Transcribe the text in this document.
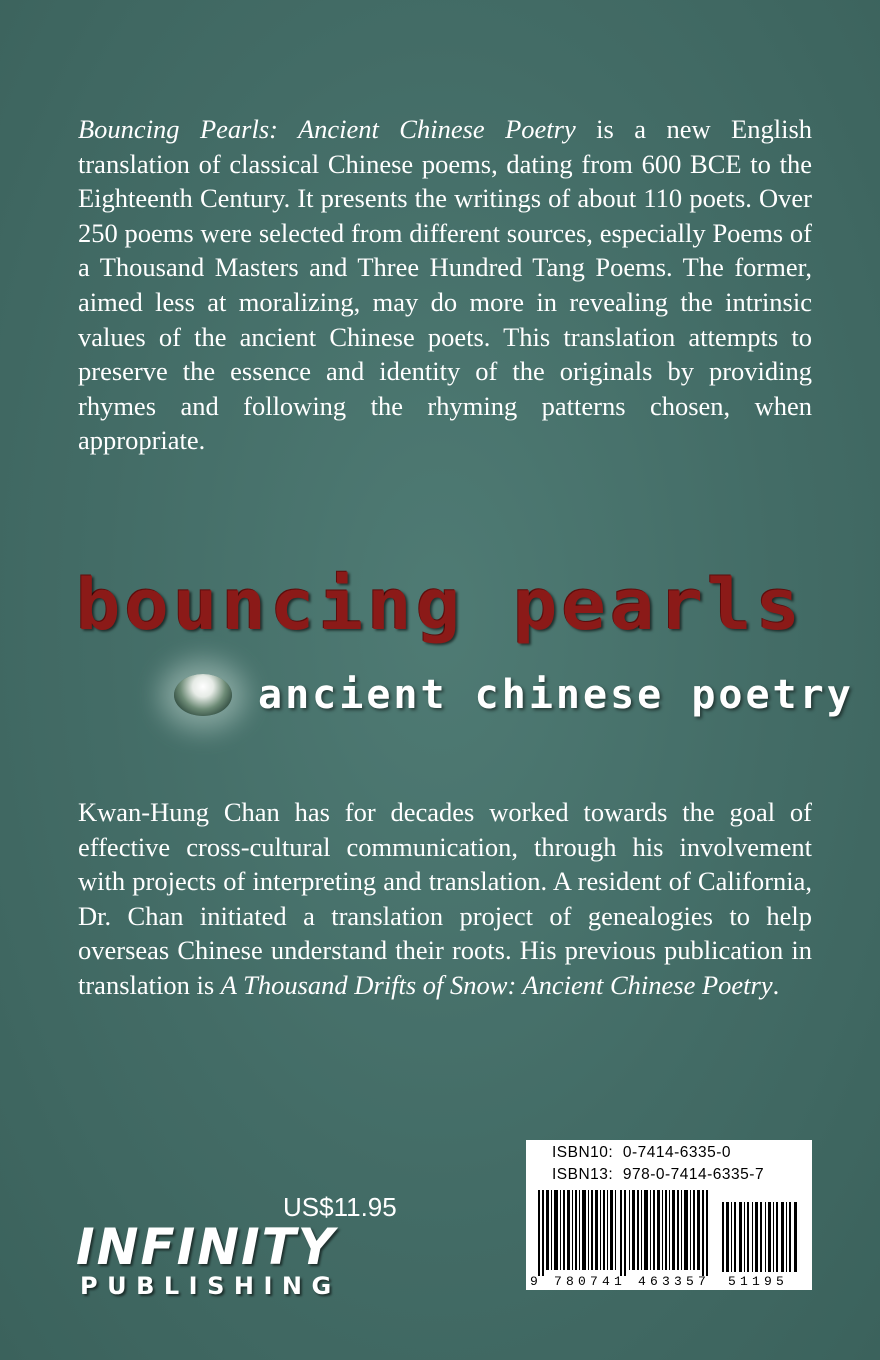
Bouncing Pearls: Ancient Chinese Poetry is a new English translation of classical Chinese poems, dating from 600 BCE to the Eighteenth Century. It presents the writings of about 110 poets. Over 250 poems were selected from different sources, especially Poems of a Thousand Masters and Three Hundred Tang Poems. The former, aimed less at moralizing, may do more in revealing the intrinsic values of the ancient Chinese poets. This translation attempts to preserve the essence and identity of the originals by providing rhymes and following the rhyming patterns chosen, when appropriate.

bouncing pearls
ancient chinese poetry

Kwan-Hung Chan has for decades worked towards the goal of effective cross-cultural communication, through his involvement with projects of interpreting and translation. A resident of California, Dr. Chan initiated a translation project of genealogies to help overseas Chinese understand their roots. His previous publication in translation is A Thousand Drifts of Snow: Ancient Chinese Poetry.

US$11.95
INFINITY
PUBLISHING
ISBN10: 0-7414-6335-0
ISBN13: 978-0-7414-6335-7
9 780741 463357 51195
